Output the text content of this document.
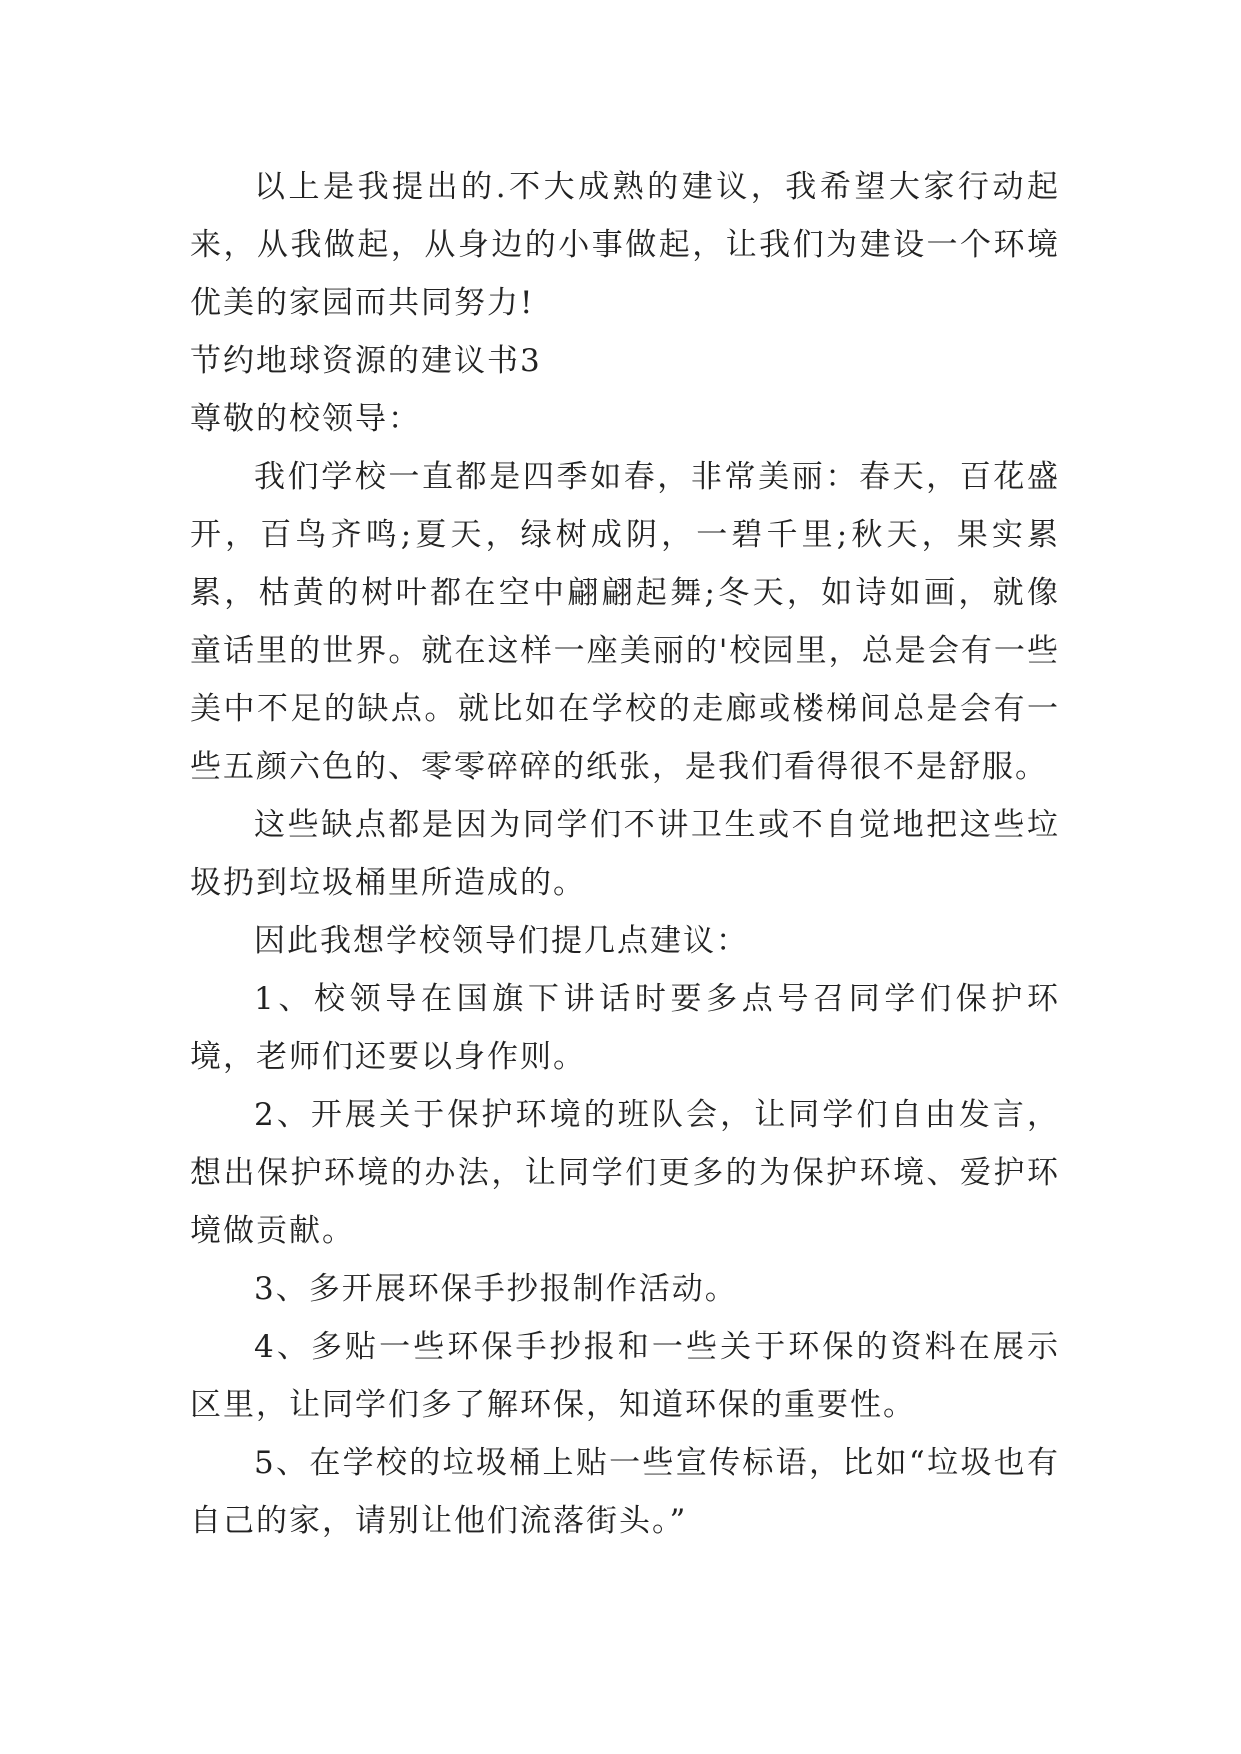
以上是我提出的.不大成熟的建议，我希望大家行动起来，从我做起，从身边的小事做起，让我们为建设一个环境优美的家园而共同努力!

节约地球资源的建议书3

尊敬的校领导：

我们学校一直都是四季如春，非常美丽：春天，百花盛开，百鸟齐鸣;夏天，绿树成阴，一碧千里;秋天，果实累累，枯黄的树叶都在空中翩翩起舞;冬天，如诗如画，就像童话里的世界。就在这样一座美丽的'校园里，总是会有一些美中不足的缺点。就比如在学校的走廊或楼梯间总是会有一些五颜六色的、零零碎碎的纸张，是我们看得很不是舒服。

这些缺点都是因为同学们不讲卫生或不自觉地把这些垃圾扔到垃圾桶里所造成的。

因此我想学校领导们提几点建议：

1、校领导在国旗下讲话时要多点号召同学们保护环境，老师们还要以身作则。

2、开展关于保护环境的班队会，让同学们自由发言，想出保护环境的办法，让同学们更多的为保护环境、爱护环境做贡献。

3、多开展环保手抄报制作活动。

4、多贴一些环保手抄报和一些关于环保的资料在展示区里，让同学们多了解环保，知道环保的重要性。

5、在学校的垃圾桶上贴一些宣传标语，比如“垃圾也有自己的家，请别让他们流落街头。”
